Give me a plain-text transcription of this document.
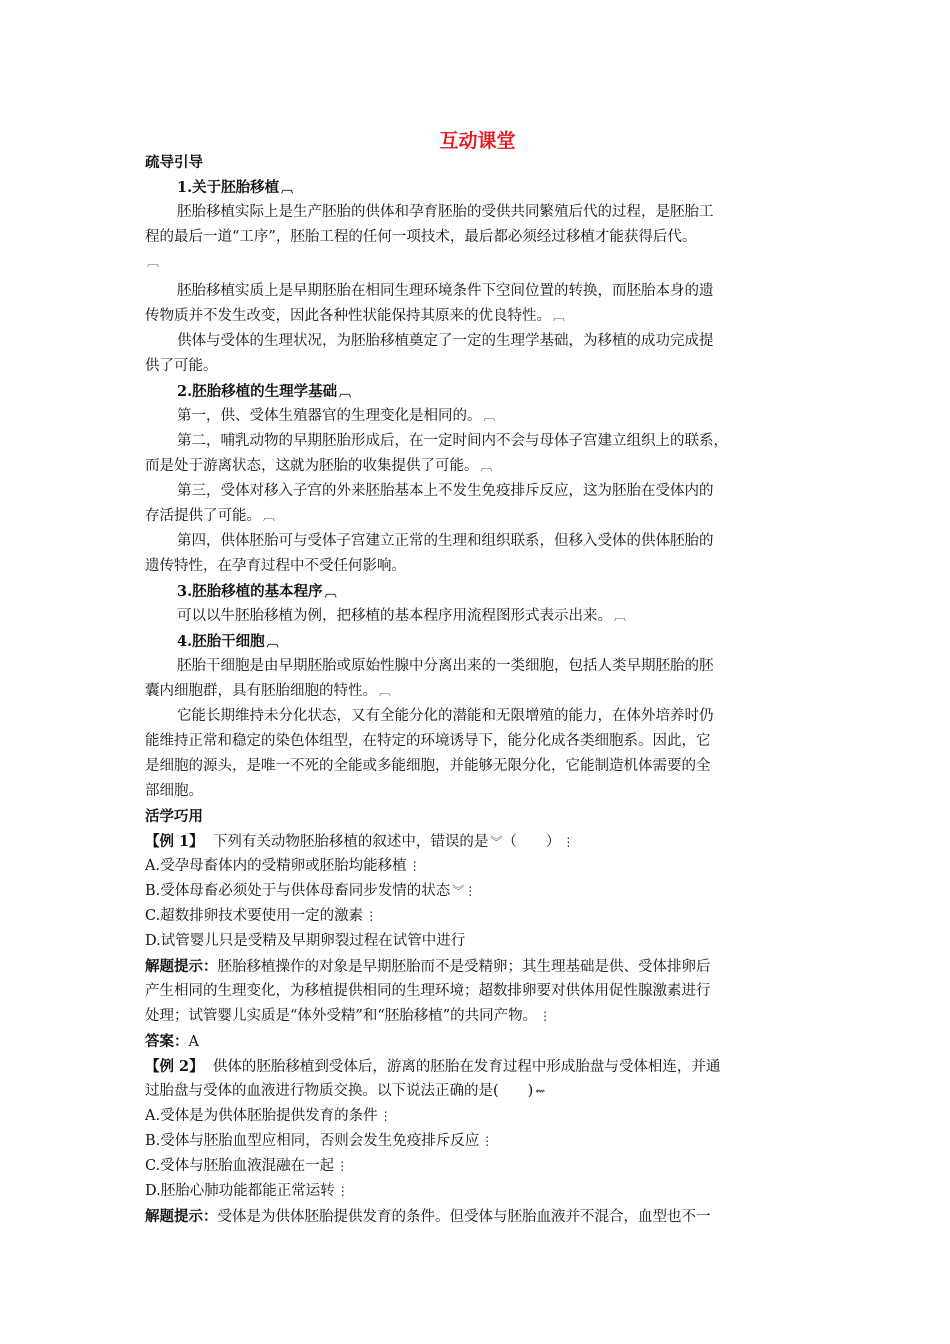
互动课堂
疏导引导
1.关于胚胎移植 ︹
胚胎移植实际上是生产胚胎的供体和孕育胚胎的受供共同繁殖后代的过程，是胚胎工
程的最后一道“工序”，胚胎工程的任何一项技术，最后都必须经过移植才能获得后代。
︹
胚胎移植实质上是早期胚胎在相同生理环境条件下空间位置的转换，而胚胎本身的遗
传物质并不发生改变，因此各种性状能保持其原来的优良特性。 ︹
供体与受体的生理状况，为胚胎移植奠定了一定的生理学基础，为移植的成功完成提
供了可能。
2.胚胎移植的生理学基础 ︹
第一，供、受体生殖器官的生理变化是相同的。 ︹
第二，哺乳动物的早期胚胎形成后，在一定时间内不会与母体子宫建立组织上的联系，
而是处于游离状态，这就为胚胎的收集提供了可能。 ︹
第三，受体对移入子宫的外来胚胎基本上不发生免疫排斥反应，这为胚胎在受体内的
存活提供了可能。 ︹
第四，供体胚胎可与受体子宫建立正常的生理和组织联系，但移入受体的供体胚胎的
遗传特性，在孕育过程中不受任何影响。
3.胚胎移植的基本程序 ︹
可以以牛胚胎移植为例，把移植的基本程序用流程图形式表示出来。 ︹
4.胚胎干细胞 ︹
胚胎干细胞是由早期胚胎或原始性腺中分离出来的一类细胞，包括人类早期胚胎的胚
囊内细胞群，具有胚胎细胞的特性。 ︹
它能长期维持未分化状态，又有全能分化的潜能和无限增殖的能力，在体外培养时仍
能维持正常和稳定的染色体组型，在特定的环境诱导下，能分化成各类细胞系。因此，它
是细胞的源头，是唯一不死的全能或多能细胞，并能够无限分化，它能制造机体需要的全
部细胞。
活学巧用
【例 1】 下列有关动物胚胎移植的叙述中，错误的是 ︾（　　） ⋮
A.受孕母畜体内的受精卵或胚胎均能移植 ⋮
B.受体母畜必须处于与供体母畜同步发情的状态 ︾⋮
C.超数排卵技术要使用一定的激素 ⋮
D.试管婴儿只是受精及早期卵裂过程在试管中进行
解题提示：胚胎移植操作的对象是早期胚胎而不是受精卵；其生理基础是供、受体排卵后
产生相同的生理变化，为移植提供相同的生理环境；超数排卵要对供体用促性腺激素进行
处理；试管婴儿实质是“体外受精”和“胚胎移植”的共同产物。 ⋮
答案：A
【例 2】 供体的胚胎移植到受体后，游离的胚胎在发育过程中形成胎盘与受体相连，并通
过胎盘与受体的血液进行物质交换。以下说法正确的是(　　) ⇜
A.受体是为供体胚胎提供发育的条件 ⋮
B.受体与胚胎血型应相同，否则会发生免疫排斥反应 ⋮
C.受体与胚胎血液混融在一起 ⋮
D.胚胎心肺功能都能正常运转 ⋮
解题提示：受体是为供体胚胎提供发育的条件。但受体与胚胎血液并不混合，血型也不一
